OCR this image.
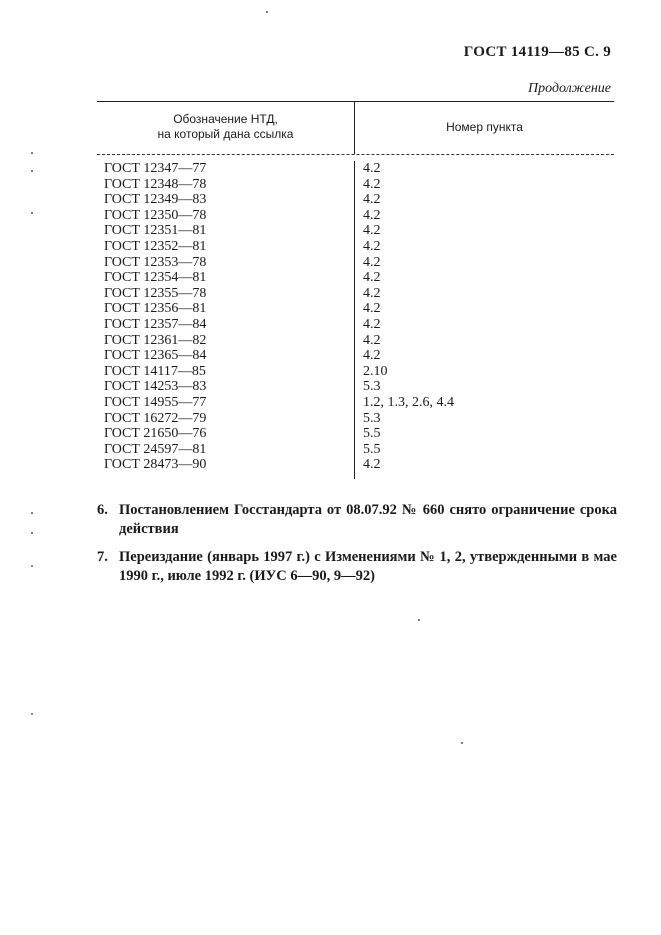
ГОСТ 14119—85 С. 9
Продолжение
Обозначение НТД,
на который дана ссылка	Номер пункта
ГОСТ 12347—77
ГОСТ 12348—78
ГОСТ 12349—83
ГОСТ 12350—78
ГОСТ 12351—81
ГОСТ 12352—81
ГОСТ 12353—78
ГОСТ 12354—81
ГОСТ 12355—78
ГОСТ 12356—81
ГОСТ 12357—84
ГОСТ 12361—82
ГОСТ 12365—84
ГОСТ 14117—85
ГОСТ 14253—83
ГОСТ 14955—77
ГОСТ 16272—79
ГОСТ 21650—76
ГОСТ 24597—81
ГОСТ 28473—90
4.2
4.2
4.2
4.2
4.2
4.2
4.2
4.2
4.2
4.2
4.2
4.2
4.2
2.10
5.3
1.2, 1.3, 2.6, 4.4
5.3
5.5
5.5
4.2
6. Постановлением Госстандарта от 08.07.92 № 660 снято ограничение срока действия
7. Переиздание (январь 1997 г.) с Изменениями № 1, 2, утвержденными в мае 1990 г., июле 1992 г. (ИУС 6—90, 9—92)
